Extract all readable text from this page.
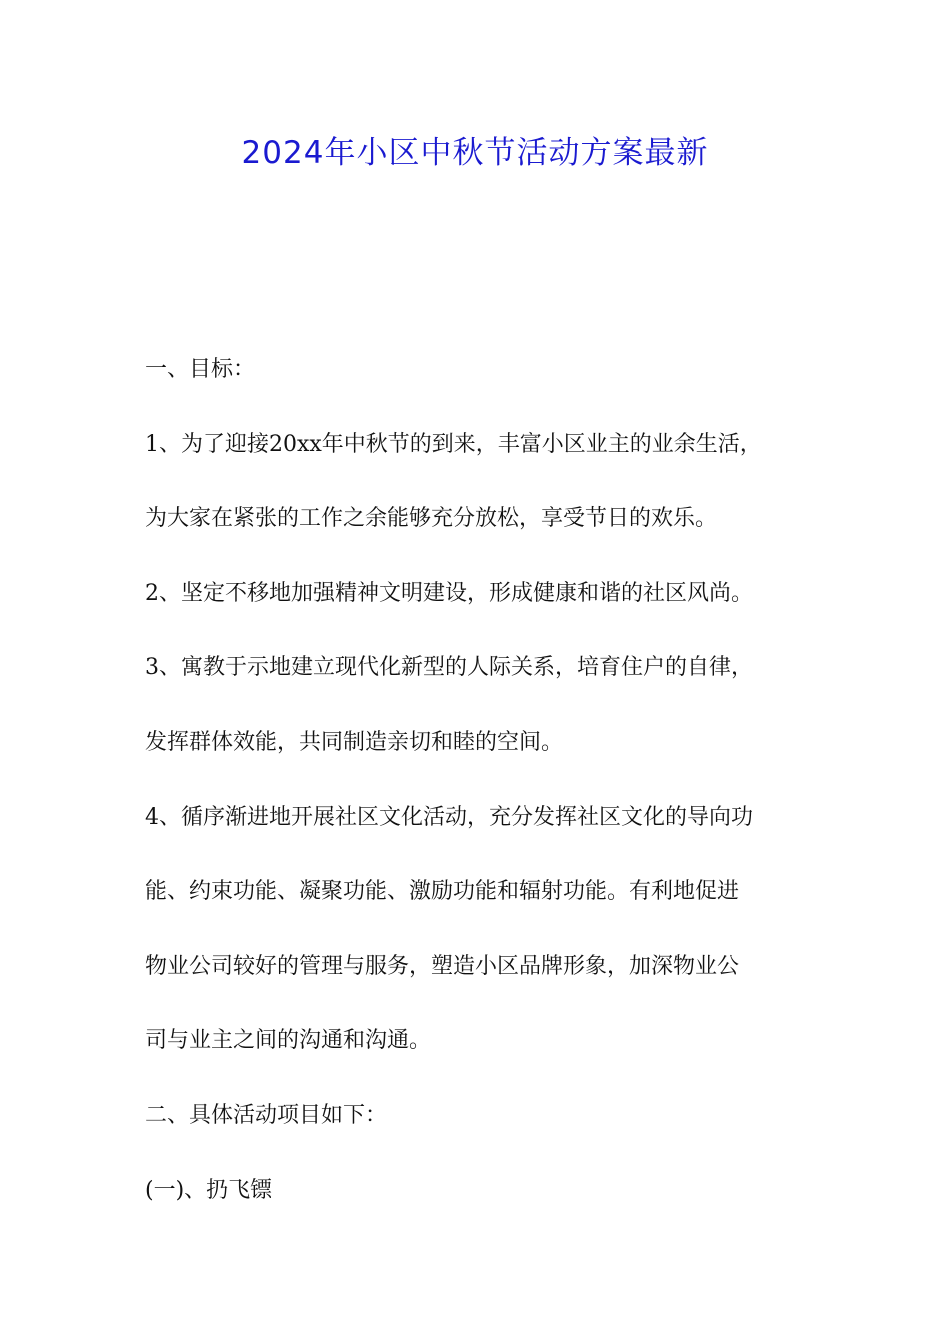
2024年小区中秋节活动方案最新
一、目标：
1、为了迎接20xx年中秋节的到来，丰富小区业主的业余生活，
为大家在紧张的工作之余能够充分放松，享受节日的欢乐。
2、坚定不移地加强精神文明建设，形成健康和谐的社区风尚。
3、寓教于示地建立现代化新型的人际关系，培育住户的自律，
发挥群体效能，共同制造亲切和睦的空间。
4、循序渐进地开展社区文化活动，充分发挥社区文化的导向功
能、约束功能、凝聚功能、激励功能和辐射功能。有利地促进
物业公司较好的管理与服务，塑造小区品牌形象，加深物业公
司与业主之间的沟通和沟通。
二、具体活动项目如下：
(一)、扔飞镖
